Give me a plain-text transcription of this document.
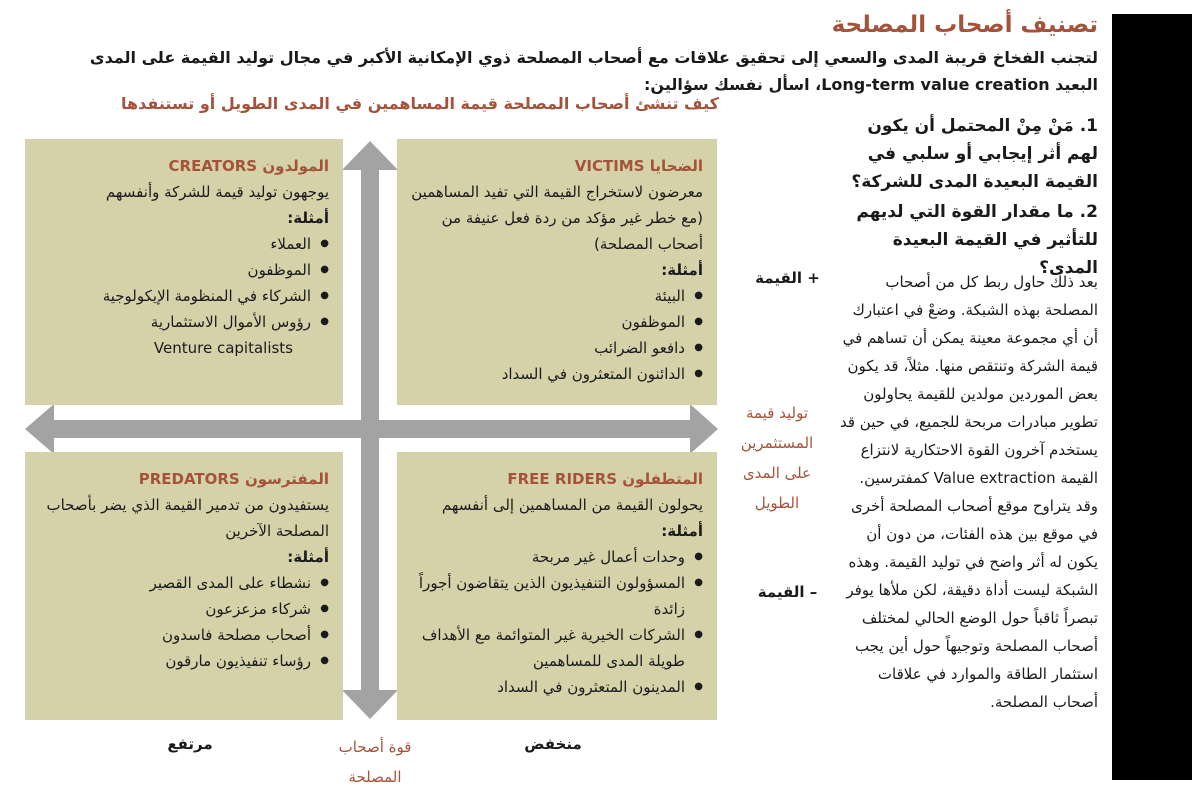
تصنيف أصحاب المصلحة

لتجنب الفخاخ قريبة المدى والسعي إلى تحقيق علاقات مع أصحاب المصلحة ذوي الإمكانية الأكبر في مجال توليد القيمة على المدى البعيد Long-term value creation، اسأل نفسك سؤالين:

1. مَنْ مِنْ المحتمل أن يكون لهم أثر إيجابي أو سلبي في القيمة البعيدة المدى للشركة؟

2. ما مقدار القوة التي لديهم للتأثير في القيمة البعيدة المدى؟

بعد ذلك حاول ربط كل من أصحاب المصلحة بهذه الشبكة. وضعْ في اعتبارك أن أي مجموعة معينة يمكن أن تساهم في قيمة الشركة وتنتقص منها. مثلاً، قد يكون بعض الموردين مولدين للقيمة يحاولون تطوير مبادرات مربحة للجميع، في حين قد يستخدم آخرون القوة الاحتكارية لانتزاع القيمة Value extraction كمفترسين. وقد يتراوح موقع أصحاب المصلحة أخرى في موقع بين هذه الفئات، من دون أن يكون له أثر واضح في توليد القيمة. وهذه الشبكة ليست أداة دقيقة، لكن ملأها يوفر تبصراً ثاقباً حول الوضع الحالي لمختلف أصحاب المصلحة وتوجيهاً حول أين يجب استثمار الطاقة والموارد في علاقات أصحاب المصلحة.

كيف تنشئ أصحاب المصلحة قيمة المساهمين في المدى الطويل أو تستنفدها
+ القيمة
– القيمة
توليد قيمة المستثمرين على المدى الطويل
مرتفع	منخفض
قوة أصحاب المصلحة
المولدون CREATORS
يوجهون توليد قيمة للشركة وأنفسهم
أمثلة:
● العملاء
● الموظفون
● الشركاء في المنظومة الإيكولوجية
● رؤوس الأموال الاستثمارية
Venture capitalists
الضحايا VICTIMS
معرضون لاستخراج القيمة التي تفيد المساهمين (مع خطر غير مؤكد من ردة فعل عنيفة من أصحاب المصلحة)
أمثلة:
● البيئة
● الموظفون
● دافعو الضرائب
● الدائنون المتعثرون في السداد
المفترسون PREDATORS
يستفيدون من تدمير القيمة الذي يضر بأصحاب المصلحة الآخرين
أمثلة:
● نشطاء على المدى القصير
● شركاء مزعزعون
● أصحاب مصلحة فاسدون
● رؤساء تنفيذيون مارقون
المتطفلون FREE RIDERS
يحولون القيمة من المساهمين إلى أنفسهم
أمثلة:
● وحدات أعمال غير مربحة
● المسؤولون التنفيذيون الذين يتقاضون أجوراً زائدة
● الشركات الخيرية غير المتوائمة مع الأهداف طويلة المدى للمساهمين
● المدينون المتعثرون في السداد
